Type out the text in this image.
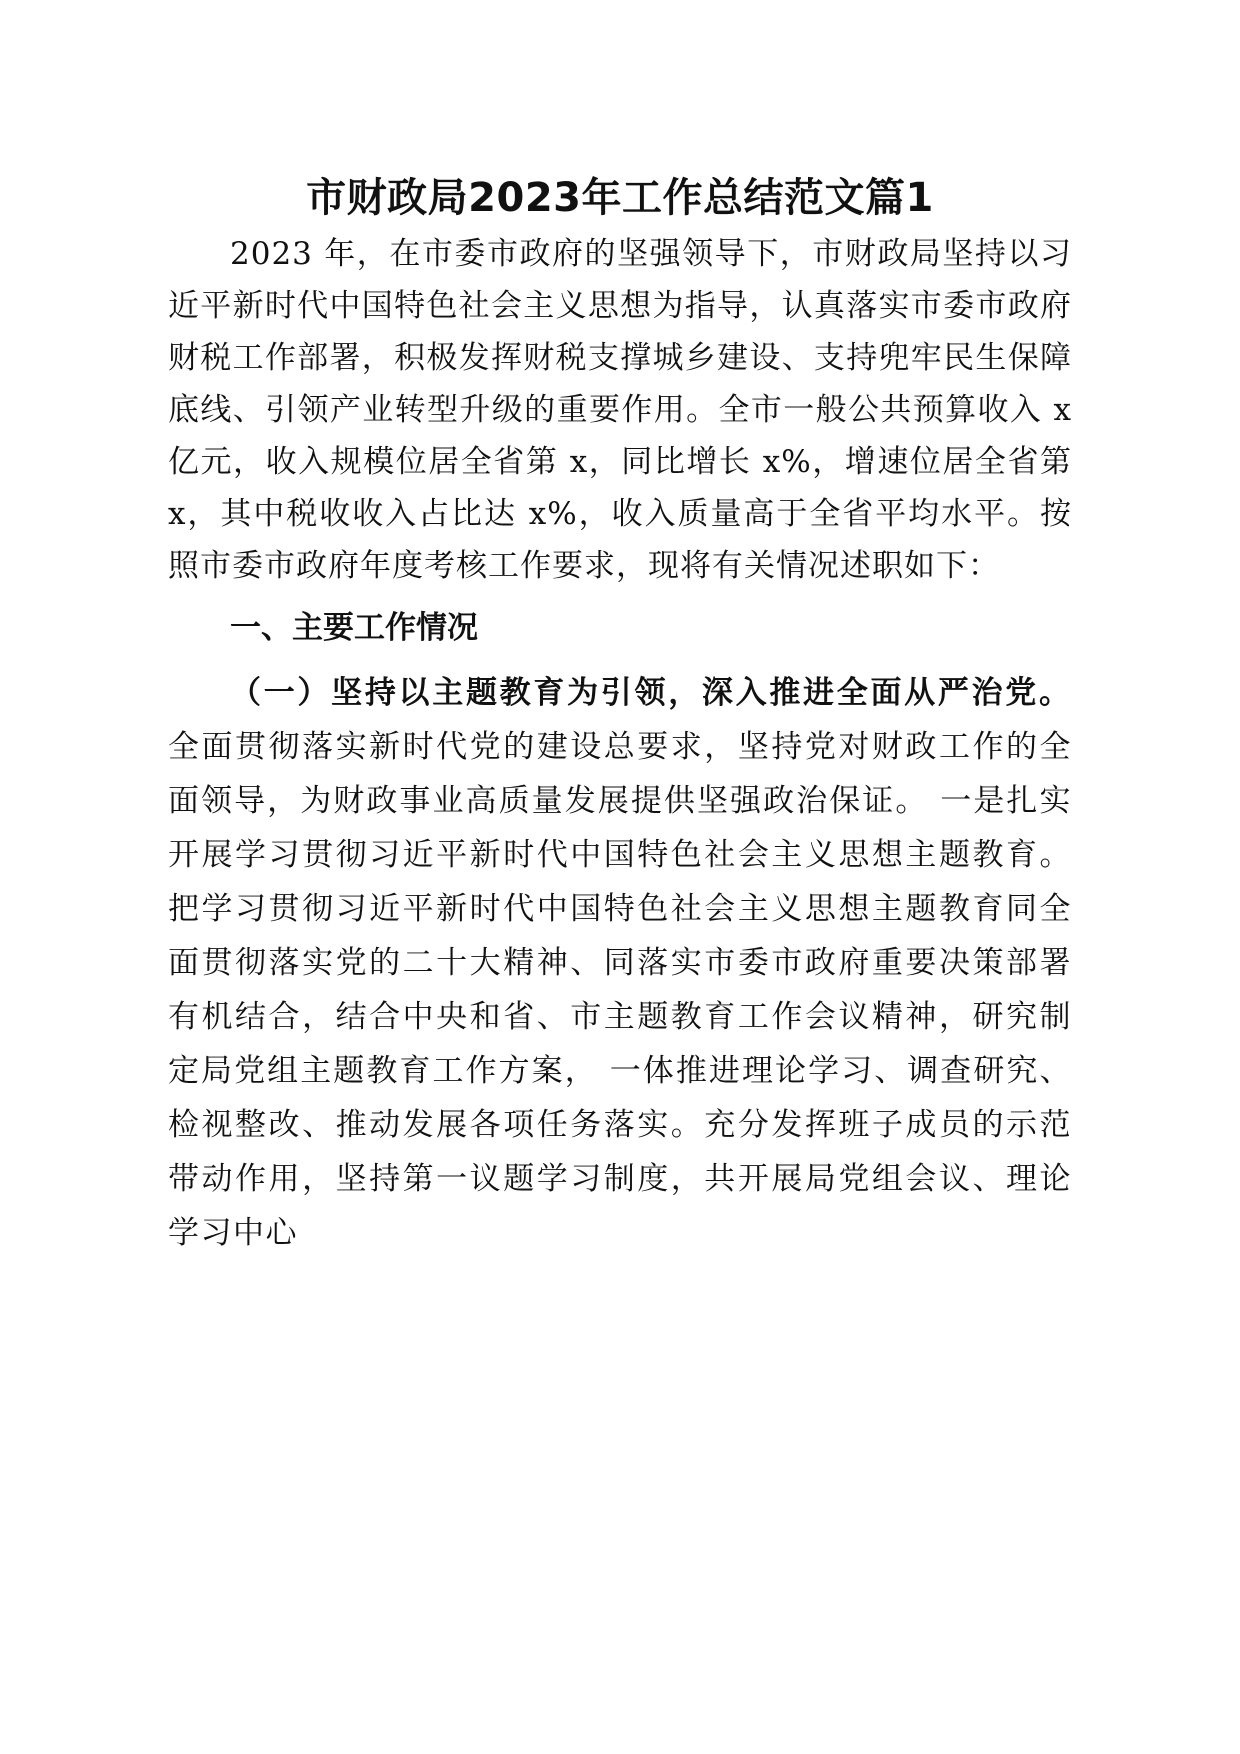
市财政局2023年工作总结范文篇1

2023 年，在市委市政府的坚强领导下，市财政局坚持以习近平新时代中国特色社会主义思想为指导，认真落实市委市政府财税工作部署，积极发挥财税支撑城乡建设、支持兜牢民生保障底线、引领产业转型升级的重要作用。全市一般公共预算收入 x 亿元，收入规模位居全省第 x，同比增长 x%，增速位居全省第 x，其中税收收入占比达 x%，收入质量高于全省平均水平。按照市委市政府年度考核工作要求，现将有关情况述职如下：

一、主要工作情况

（一）坚持以主题教育为引领，深入推进全面从严治党。全面贯彻落实新时代党的建设总要求，坚持党对财政工作的全面领导，为财政事业高质量发展提供坚强政治保证。 一是扎实开展学习贯彻习近平新时代中国特色社会主义思想主题教育。把学习贯彻习近平新时代中国特色社会主义思想主题教育同全面贯彻落实党的二十大精神、同落实市委市政府重要决策部署有机结合，结合中央和省、市主题教育工作会议精神，研究制定局党组主题教育工作方案， 一体推进理论学习、调查研究、检视整改、推动发展各项任务落实。充分发挥班子成员的示范带动作用，坚持第一议题学习制度，共开展局党组会议、理论学习中心
